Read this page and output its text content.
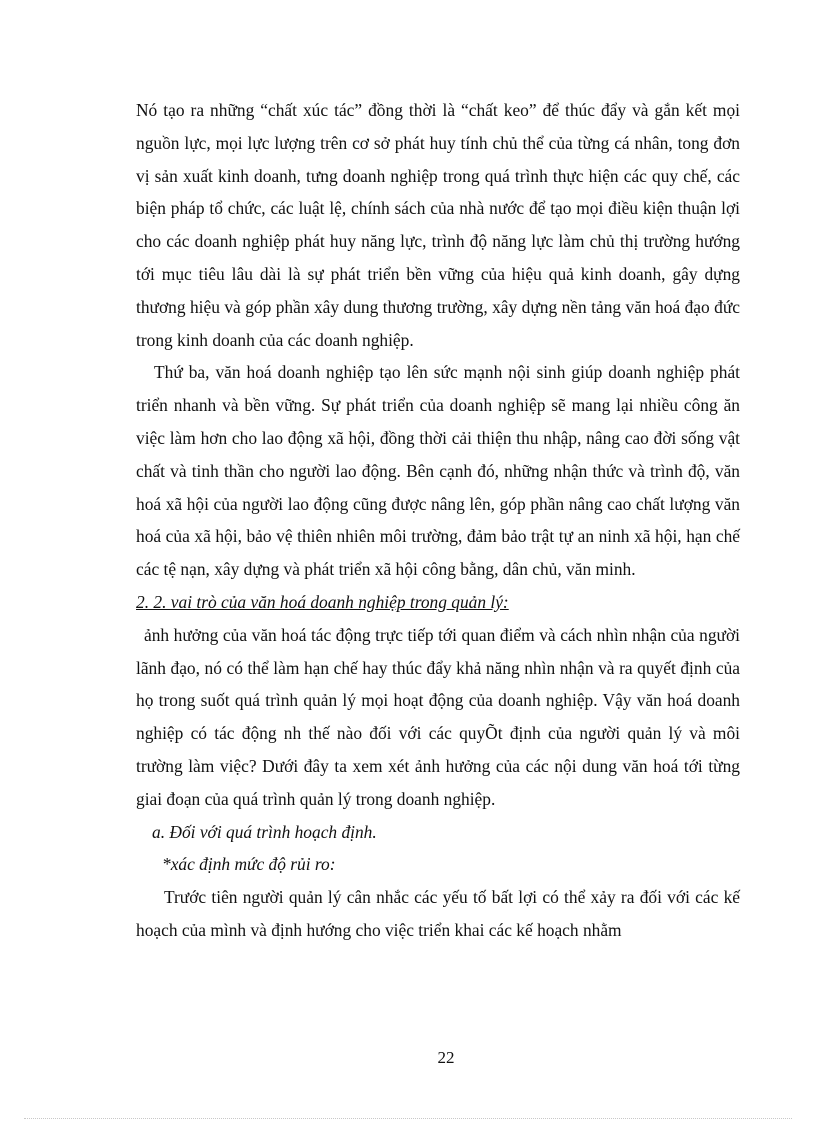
Nó tạo ra những “chất xúc tác” đồng thời là “chất keo” để thúc đẩy và gắn kết mọi nguồn lực, mọi lực lượng trên cơ sở phát huy tính chủ thể của từng cá nhân, tong đơn vị sản xuất kinh doanh, tưng doanh nghiệp trong quá trình thực hiện các quy chế, các biện pháp tổ chức, các luật lệ, chính sách của nhà nước để tạo mọi điều kiện thuận lợi cho các doanh nghiệp phát huy năng lực, trình độ năng lực làm chủ thị trường hướng tới mục tiêu lâu dài là sự phát triển bền vững của hiệu quả kinh doanh, gây dựng thương hiệu và góp phần xây dung thương trường, xây dựng nền tảng văn hoá đạo đức trong kinh doanh của các doanh nghiệp.

Thứ ba, văn hoá doanh nghiệp tạo lên sức mạnh nội sinh giúp doanh nghiệp phát triển nhanh và bền vững. Sự phát triển của doanh nghiệp sẽ mang lại nhiều công ăn việc làm hơn cho lao động xã hội, đồng thời cải thiện thu nhập, nâng cao đời sống vật chất và tinh thần cho người lao động. Bên cạnh đó, những nhận thức và trình độ, văn hoá xã hội của người lao động cũng được nâng lên, góp phần nâng cao chất lượng văn hoá của xã hội, bảo vệ thiên nhiên môi trường, đảm bảo trật tự an ninh xã hội, hạn chế các tệ nạn, xây dựng và phát triển xã hội công bằng, dân chủ, văn minh.

2. 2. vai trò của văn hoá doanh nghiệp trong quản lý:

ảnh hưởng của văn hoá tác động trực tiếp tới quan điểm và cách nhìn nhận của người lãnh đạo, nó có thể làm hạn chế hay thúc đẩy khả năng nhìn nhận và ra quyết định của họ trong suốt quá trình quản lý mọi hoạt động của doanh nghiệp. Vậy văn hoá doanh nghiệp có tác động nh thế nào đối với các quyÕt định của người quản lý và môi trường làm việc? Dưới đây ta xem xét ảnh hưởng của các nội dung văn hoá tới từng giai đoạn của quá trình quản lý trong doanh nghiệp.

a. Đối với quá trình hoạch định.

*xác định mức độ rủi ro:

Trước tiên người quản lý cân nhắc các yếu tố bất lợi có thể xảy ra đối với các kế hoạch của mình và định hướng cho việc triển khai các kế hoạch nhằm

22
